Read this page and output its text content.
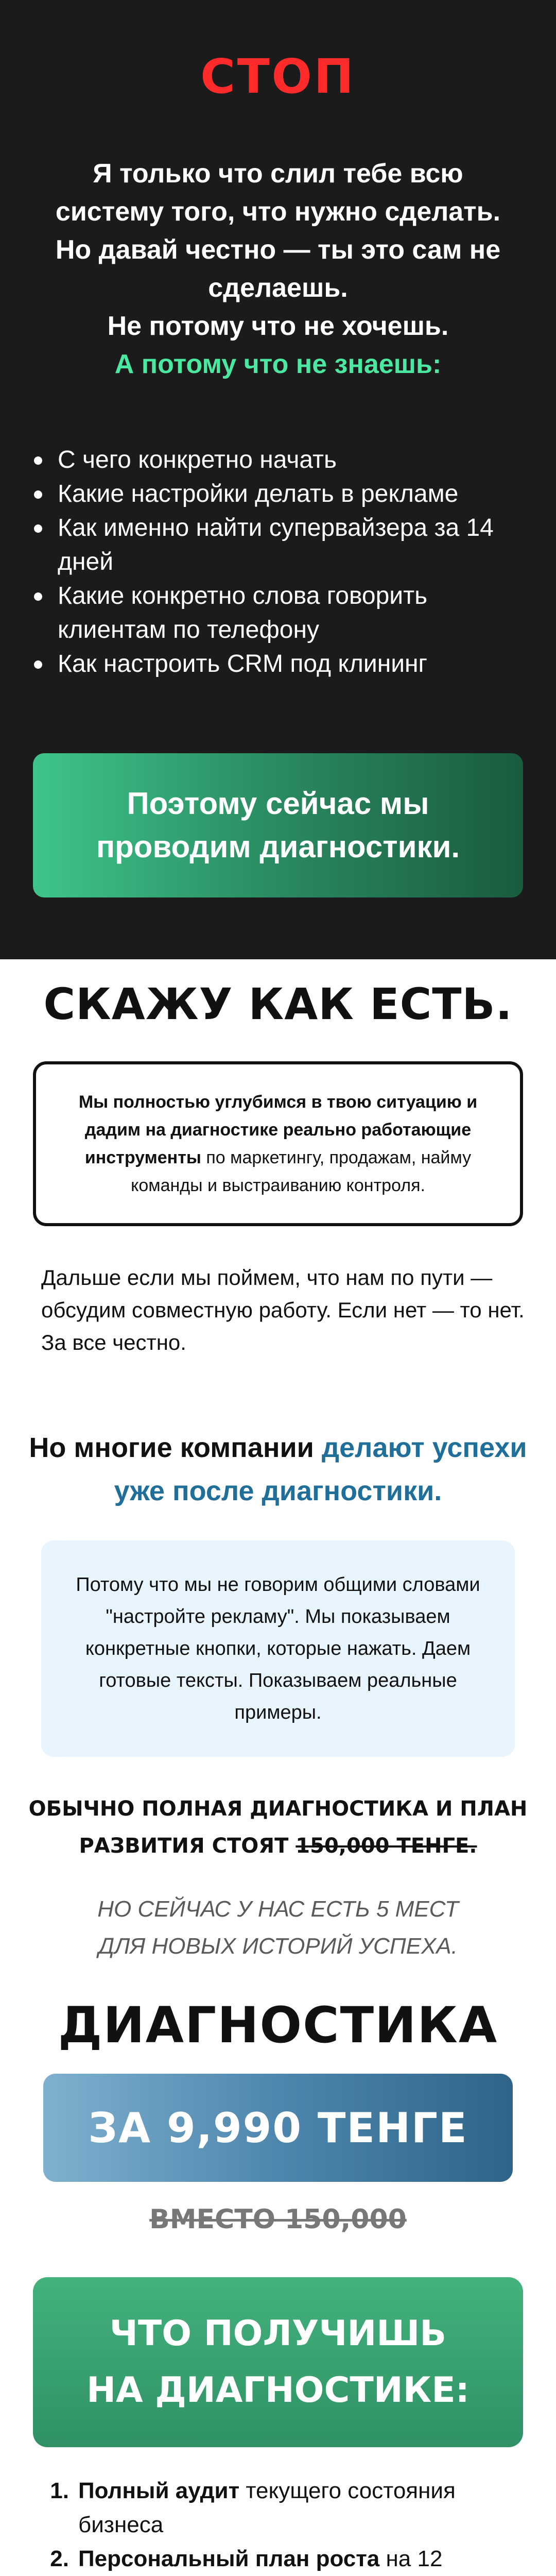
СТОП
Я только что слил тебе всю
систему того, что нужно сделать.
Но давай честно — ты это сам не
сделаешь.
Не потому что не хочешь.
А потому что не знаешь:
С чего конкретно начать
Какие настройки делать в рекламе
Как именно найти супервайзера за 14 дней
Какие конкретно слова говорить клиентам по телефону
Как настроить CRM под клининг
Поэтому сейчас мы
проводим диагностики.
СКАЖУ КАК ЕСТЬ.
Мы полностью углубимся в твою ситуацию и дадим на диагностике реально работающие инструменты по маркетингу, продажам, найму команды и выстраиванию контроля.

Дальше если мы поймем, что нам по пути — обсудим совместную работу. Если нет — то нет.

За все честно.

Но многие компании делают успехи уже после диагностики.
Потому что мы не говорим общими словами "настройте рекламу". Мы показываем конкретные кнопки, которые нажать. Даем готовые тексты. Показываем реальные примеры.
ОБЫЧНО ПОЛНАЯ ДИАГНОСТИКА И ПЛАН РАЗВИТИЯ СТОЯТ 150,000 ТЕНГЕ.
НО СЕЙЧАС У НАС ЕСТЬ 5 МЕСТ
ДЛЯ НОВЫХ ИСТОРИЙ УСПЕХА.
ДИАГНОСТИКА
ЗА 9,990 ТЕНГЕ
ВМЕСТО 150,000
ЧТО ПОЛУЧИШЬ
НА ДИАГНОСТИКЕ:
1. Полный аудит текущего состояния бизнеса
2. Персональный план роста на 12
